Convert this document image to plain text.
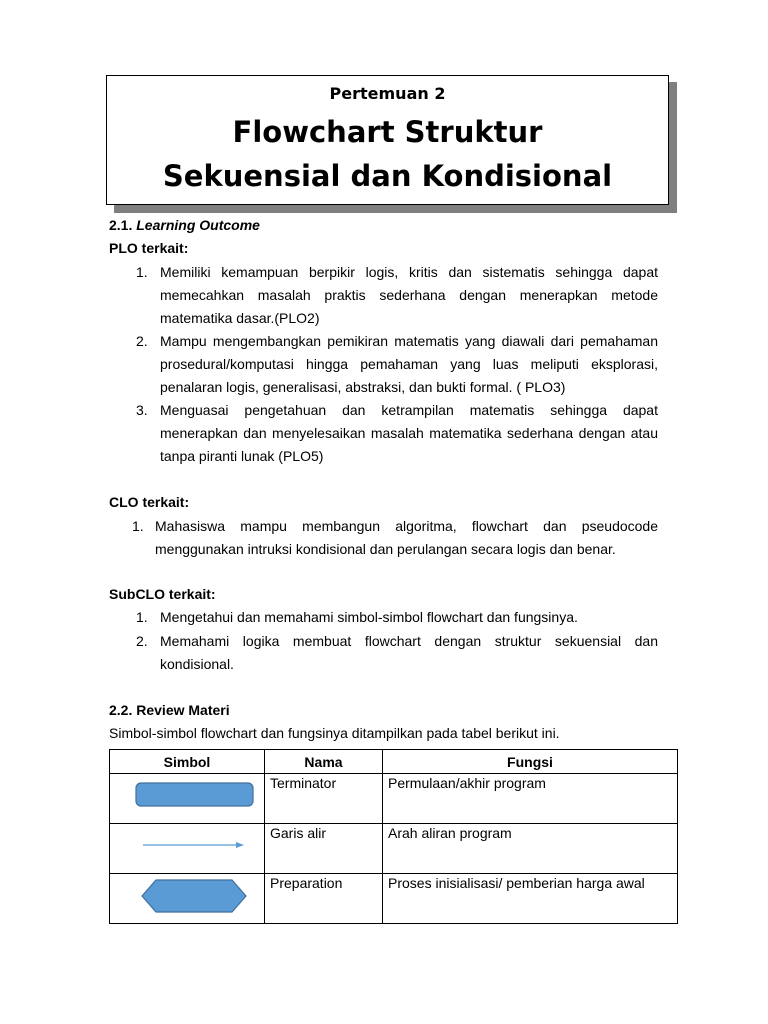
Pertemuan 2
Flowchart Struktur
Sekuensial dan Kondisional
2.1. Learning Outcome
PLO terkait:
1. Memiliki kemampuan berpikir logis, kritis dan sistematis sehingga dapat memecahkan masalah praktis sederhana dengan menerapkan metode matematika dasar.(PLO2)
2. Mampu mengembangkan pemikiran matematis yang diawali dari pemahaman prosedural/komputasi hingga pemahaman yang luas meliputi eksplorasi, penalaran logis, generalisasi, abstraksi, dan bukti formal. ( PLO3)
3. Menguasai pengetahuan dan ketrampilan matematis sehingga dapat menerapkan dan menyelesaikan masalah matematika sederhana dengan atau tanpa piranti lunak (PLO5)
CLO terkait:
1. Mahasiswa mampu membangun algoritma, flowchart dan pseudocode menggunakan intruksi kondisional dan perulangan secara logis dan benar.
SubCLO terkait:
1. Mengetahui dan memahami simbol-simbol flowchart dan fungsinya.
2. Memahami logika membuat flowchart dengan struktur sekuensial dan kondisional.
2.2. Review Materi
Simbol-simbol flowchart dan fungsinya ditampilkan pada tabel berikut ini.
Simbol	Nama	Fungsi
	Terminator	Permulaan/akhir program
	Garis alir	Arah aliran program
	Preparation	Proses inisialisasi/ pemberian harga awal
